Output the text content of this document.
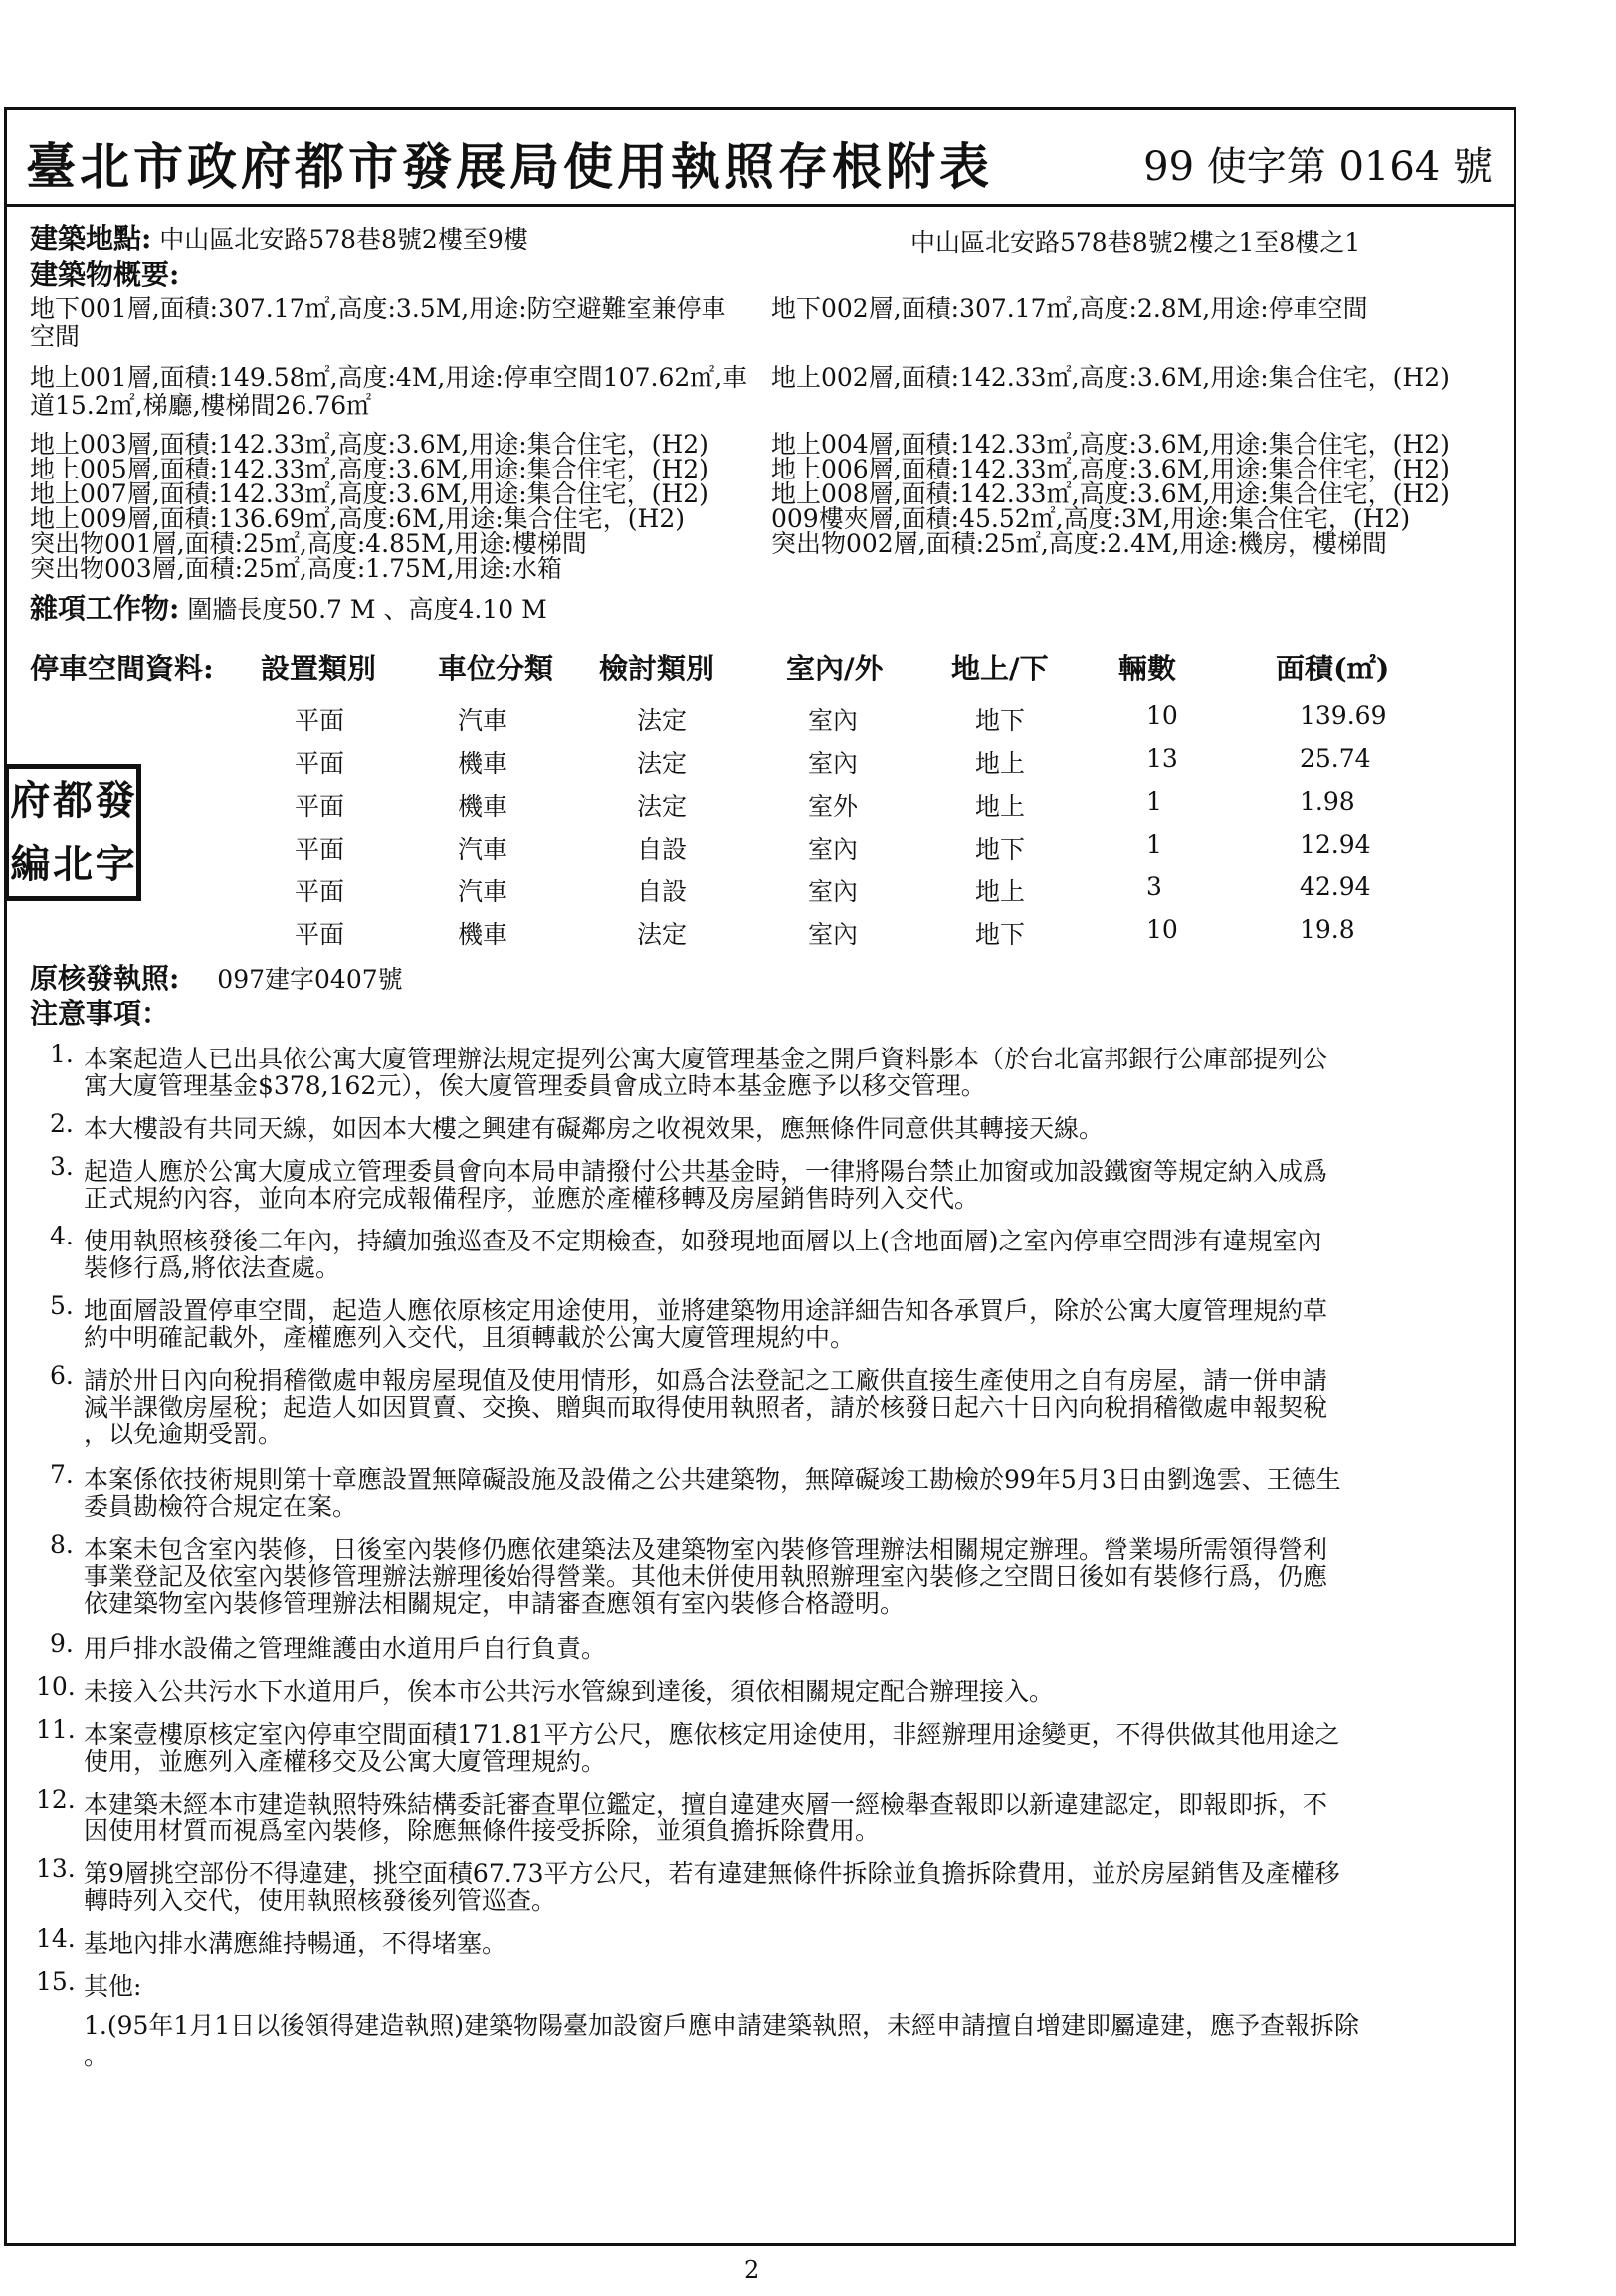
臺北市政府都市發展局使用執照存根附表	99 使字第 0164 號
建築地點: 中山區北安路578巷8號2樓至9樓	中山區北安路578巷8號2樓之1至8樓之1
建築物概要:
地下001層,面積:307.17㎡,高度:3.5M,用途:防空避難室兼停車 地下002層,面積:307.17㎡,高度:2.8M,用途:停車空間
空間
地上001層,面積:149.58㎡,高度:4M,用途:停車空間107.62㎡,車 地上002層,面積:142.33㎡,高度:3.6M,用途:集合住宅，(H2)
道15.2㎡,梯廳,樓梯間26.76㎡
地上003層,面積:142.33㎡,高度:3.6M,用途:集合住宅，(H2)	地上004層,面積:142.33㎡,高度:3.6M,用途:集合住宅，(H2)
地上005層,面積:142.33㎡,高度:3.6M,用途:集合住宅，(H2)	地上006層,面積:142.33㎡,高度:3.6M,用途:集合住宅，(H2)
地上007層,面積:142.33㎡,高度:3.6M,用途:集合住宅，(H2)	地上008層,面積:142.33㎡,高度:3.6M,用途:集合住宅，(H2)
地上009層,面積:136.69㎡,高度:6M,用途:集合住宅，(H2)	009樓夾層,面積:45.52㎡,高度:3M,用途:集合住宅，(H2)
突出物001層,面積:25㎡,高度:4.85M,用途:樓梯間	突出物002層,面積:25㎡,高度:2.4M,用途:機房，樓梯間
突出物003層,面積:25㎡,高度:1.75M,用途:水箱
雜項工作物: 圍牆長度50.7 M 、高度4.10 M
停車空間資料: 設置類別 車位分類 檢討類別 室內/外 地上/下 輛數	面積(㎡)
平面	汽車	法定	室內	地下	10	139.69
平面	機車	法定	室內	地上	13	25.74
平面	機車	法定	室外	地上	1	1.98
平面	汽車	自設	室內	地下	1	12.94
平面	汽車	自設	室內	地上	3	42.94
平面	機車	法定	室內	地下	10	19.8
府 都 發
編 北 字
原核發執照: 097建字0407號
注意事項：
1. 本案起造人已出具依公寓大廈管理辦法規定提列公寓大廈管理基金之開戶資料影本（於台北富邦銀行公庫部提列公
寓大廈管理基金$378,162元），俟大廈管理委員會成立時本基金應予以移交管理。
2. 本大樓設有共同天線，如因本大樓之興建有礙鄰房之收視效果，應無條件同意供其轉接天線。
3. 起造人應於公寓大廈成立管理委員會向本局申請撥付公共基金時，一律將陽台禁止加窗或加設鐵窗等規定納入成爲
正式規約內容，並向本府完成報備程序，並應於產權移轉及房屋銷售時列入交代。
4. 使用執照核發後二年內，持續加強巡查及不定期檢查，如發現地面層以上(含地面層)之室內停車空間涉有違規室內
裝修行爲,將依法查處。
5. 地面層設置停車空間，起造人應依原核定用途使用，並將建築物用途詳細告知各承買戶，除於公寓大廈管理規約草
約中明確記載外，產權應列入交代，且須轉載於公寓大廈管理規約中。
6. 請於卅日內向稅捐稽徵處申報房屋現值及使用情形，如爲合法登記之工廠供直接生產使用之自有房屋，請一併申請
減半課徵房屋稅；起造人如因買賣、交換、贈與而取得使用執照者，請於核發日起六十日內向稅捐稽徵處申報契稅
，以免逾期受罰。
7. 本案係依技術規則第十章應設置無障礙設施及設備之公共建築物，無障礙竣工勘檢於99年5月3日由劉逸雲、王德生
委員勘檢符合規定在案。
8. 本案未包含室內裝修，日後室內裝修仍應依建築法及建築物室內裝修管理辦法相關規定辦理。營業場所需領得營利
事業登記及依室內裝修管理辦法辦理後始得營業。其他未併使用執照辦理室內裝修之空間日後如有裝修行爲，仍應
依建築物室內裝修管理辦法相關規定，申請審查應領有室內裝修合格證明。
9. 用戶排水設備之管理維護由水道用戶自行負責。
10. 未接入公共污水下水道用戶，俟本市公共污水管線到達後，須依相關規定配合辦理接入。
11. 本案壹樓原核定室內停車空間面積171.81平方公尺，應依核定用途使用，非經辦理用途變更，不得供做其他用途之
使用，並應列入產權移交及公寓大廈管理規約。
12. 本建築未經本市建造執照特殊結構委託審查單位鑑定，擅自違建夾層一經檢舉查報即以新違建認定，即報即拆，不
因使用材質而視爲室內裝修，除應無條件接受拆除，並須負擔拆除費用。
13. 第9層挑空部份不得違建，挑空面積67.73平方公尺，若有違建無條件拆除並負擔拆除費用，並於房屋銷售及產權移
轉時列入交代，使用執照核發後列管巡查。
14. 基地內排水溝應維持暢通，不得堵塞。
15. 其他:
1.(95年1月1日以後領得建造執照)建築物陽臺加設窗戶應申請建築執照，未經申請擅自增建即屬違建，應予查報拆除
。
2
